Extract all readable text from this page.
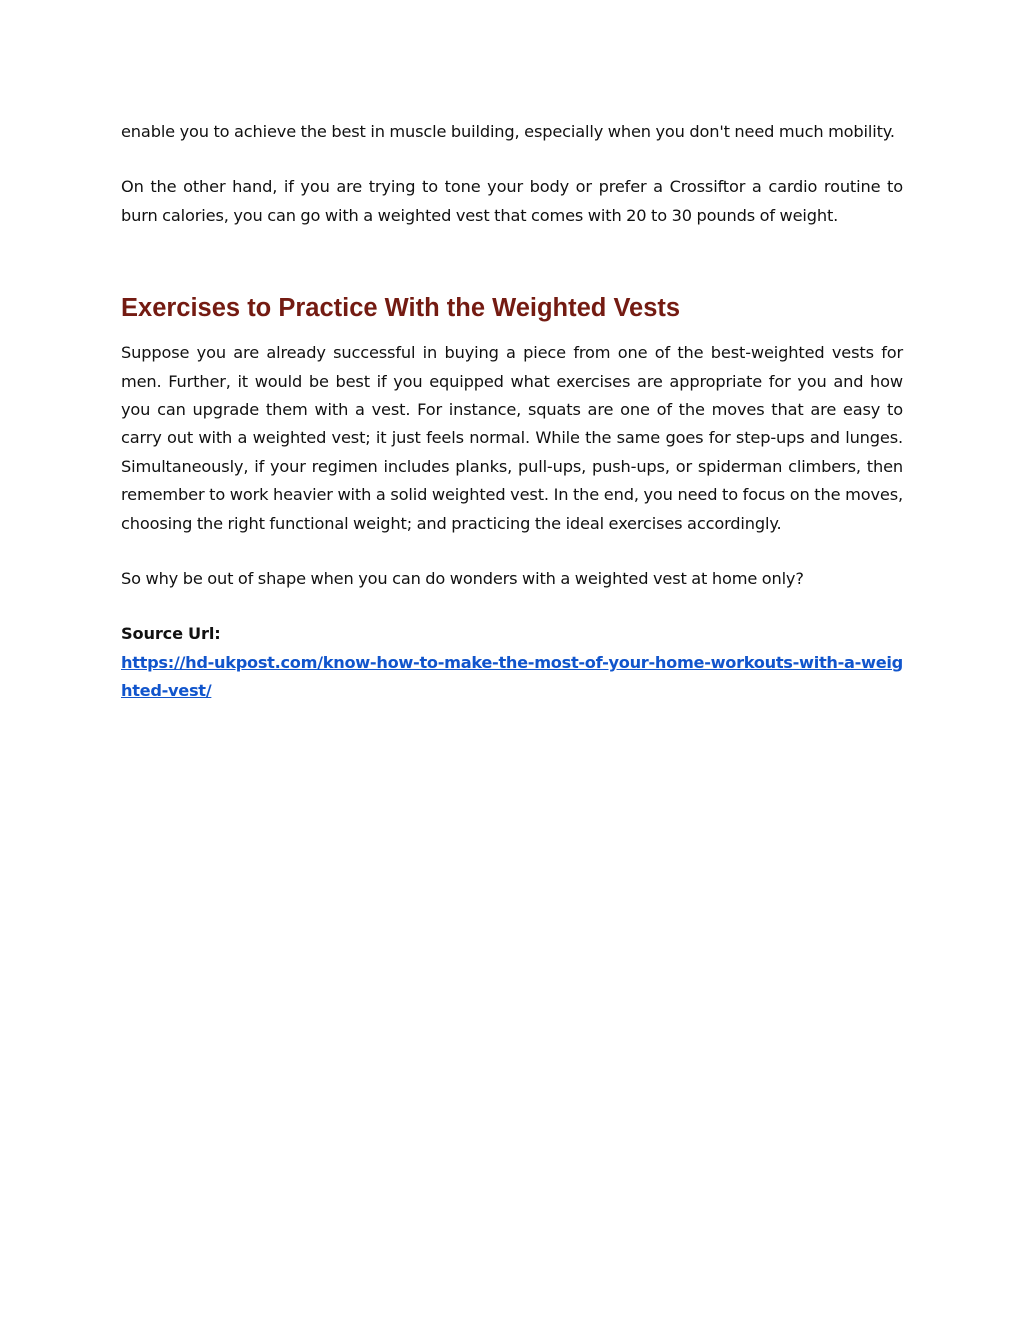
enable you to achieve the best in muscle building, especially when you don't need much mobility.

On the other hand, if you are trying to tone your body or prefer a Crossiftor a cardio routine to burn calories, you can go with a weighted vest that comes with 20 to 30 pounds of weight.

Exercises to Practice With the Weighted Vests

Suppose you are already successful in buying a piece from one of the best-weighted vests for men. Further, it would be best if you equipped what exercises are appropriate for you and how you can upgrade them with a vest. For instance, squats are one of the moves that are easy to carry out with a weighted vest; it just feels normal. While the same goes for step-ups and lunges. Simultaneously, if your regimen includes planks, pull-ups, push-ups, or spiderman climbers, then remember to work heavier with a solid weighted vest. In the end, you need to focus on the moves, choosing the right functional weight; and practicing the ideal exercises accordingly.

So why be out of shape when you can do wonders with a weighted vest at home only?

Source Url:
https://hd-ukpost.com/know-how-to-make-the-most-of-your-home-workouts-with-a-weighted-vest/
